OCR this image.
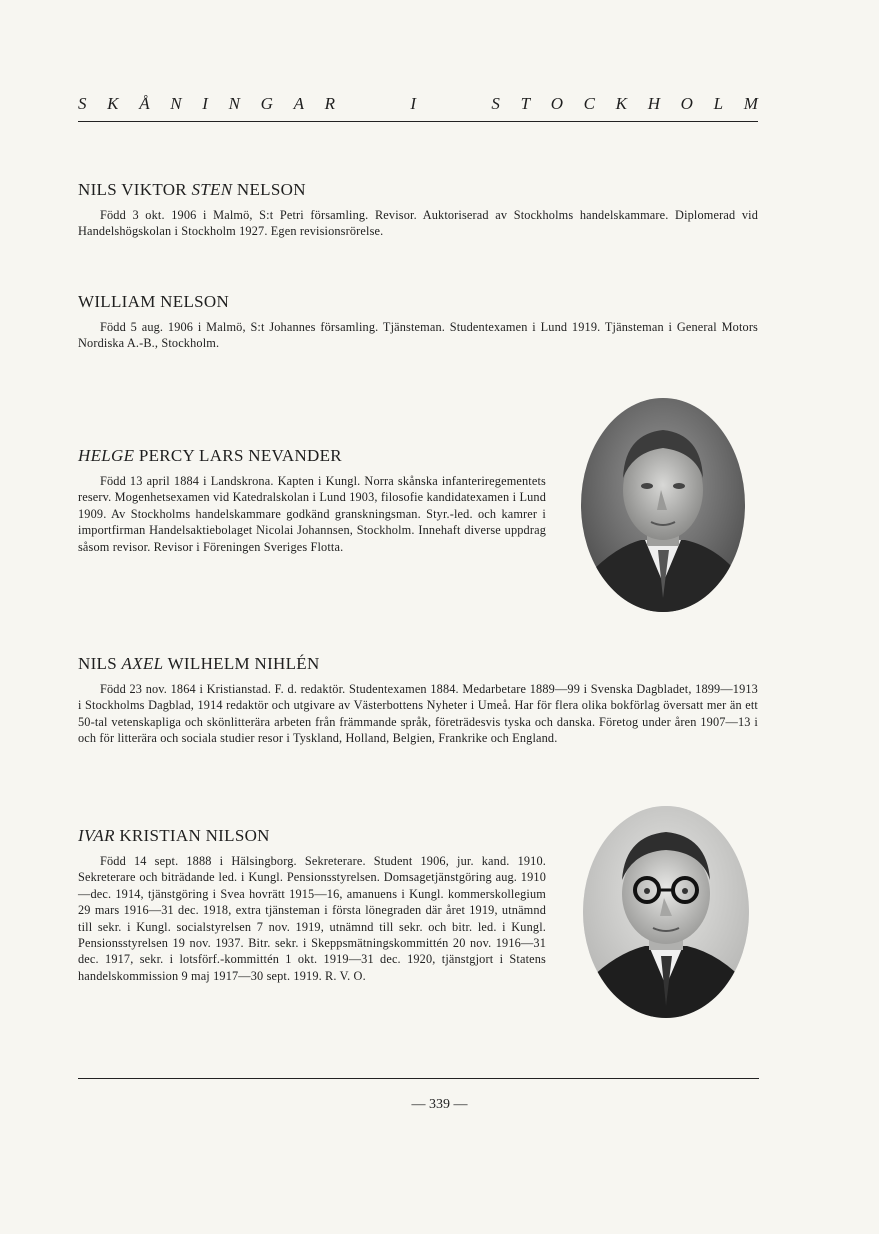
S K Å N I N G A R	I	S T O C K H O L M
NILS VIKTOR STEN NELSON

Född 3 okt. 1906 i Malmö, S:t Petri församling. Revisor. Auktoriserad av Stockholms handelskammare. Diplomerad vid Handelshögskolan i Stockholm 1927. Egen revisionsrörelse.

WILLIAM NELSON

Född 5 aug. 1906 i Malmö, S:t Johannes församling. Tjänsteman. Studentexamen i Lund 1919. Tjänsteman i General Motors Nordiska A.-B., Stockholm.

HELGE PERCY LARS NEVANDER

Född 13 april 1884 i Landskrona. Kapten i Kungl. Norra skånska infanteriregementets reserv. Mogenhetsexamen vid Katedralskolan i Lund 1903, filosofie kandidatexamen i Lund 1909. Av Stockholms handelskammare godkänd granskningsman. Styr.-led. och kamrer i importfirman Handelsaktiebolaget Nicolai Johannsen, Stockholm. Innehaft diverse uppdrag såsom revisor. Revisor i Föreningen Sveriges Flotta.

NILS AXEL WILHELM NIHLÉN

Född 23 nov. 1864 i Kristianstad. F. d. redaktör. Studentexamen 1884. Medarbetare 1889—99 i Svenska Dagbladet, 1899—1913 i Stockholms Dagblad, 1914 redaktör och utgivare av Västerbottens Nyheter i Umeå. Har för flera olika bokförlag översatt mer än ett 50-tal vetenskapliga och skönlitterära arbeten från främmande språk, företrädesvis tyska och danska. Företog under åren 1907—13 i och för litterära och sociala studier resor i Tyskland, Holland, Belgien, Frankrike och England.

IVAR KRISTIAN NILSON

Född 14 sept. 1888 i Hälsingborg. Sekreterare. Student 1906, jur. kand. 1910. Sekreterare och biträdande led. i Kungl. Pensionsstyrelsen. Domsagetjänstgöring aug. 1910—dec. 1914, tjänstgöring i Svea hovrätt 1915—16, amanuens i Kungl. kommerskollegium 29 mars 1916—31 dec. 1918, extra tjänsteman i första lönegraden där året 1919, utnämnd till sekr. i Kungl. socialstyrelsen 7 nov. 1919, utnämnd till sekr. och bitr. led. i Kungl. Pensionsstyrelsen 19 nov. 1937. Bitr. sekr. i Skeppsmätningskommittén 20 nov. 1916—31 dec. 1917, sekr. i lotsförf.-kommittén 1 okt. 1919—31 dec. 1920, tjänstgjort i Statens handelskommission 9 maj 1917—30 sept. 1919. R. V. O.

— 339 —
